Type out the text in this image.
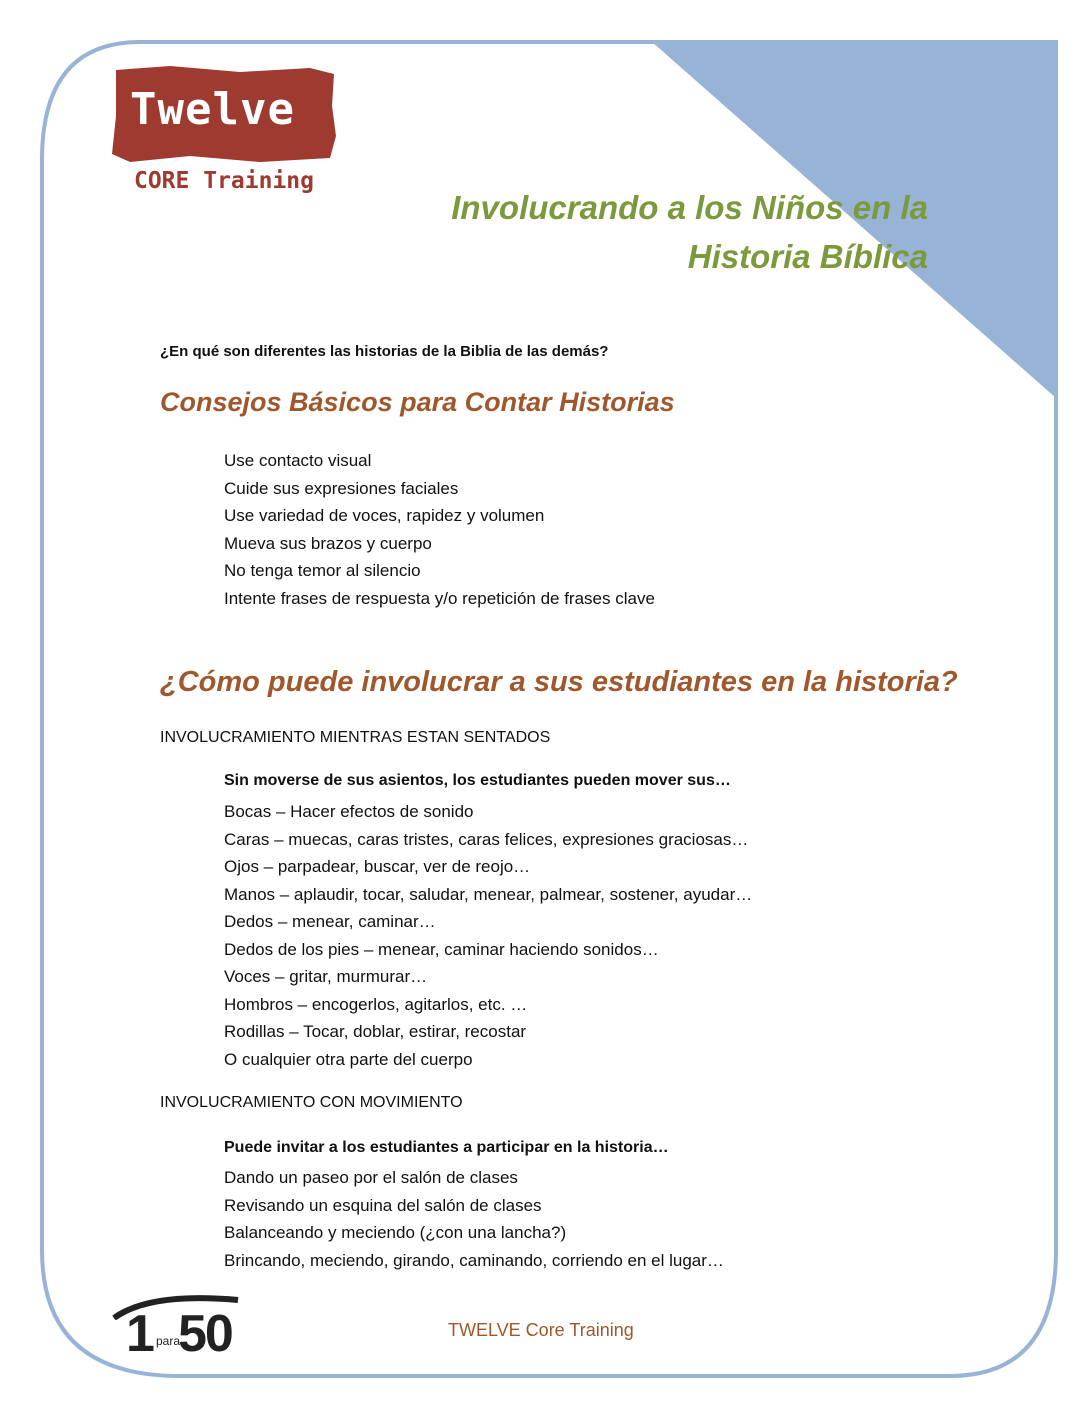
Twelve
CORE Training
Involucrando a los Niños en la
Historia Bíblica
¿En qué son diferentes las historias de la Biblia de las demás?
Consejos Básicos para Contar Historias
Use contacto visual
Cuide sus expresiones faciales
Use variedad de voces, rapidez y volumen
Mueva sus brazos y cuerpo
No tenga temor al silencio
Intente frases de respuesta y/o repetición de frases clave
¿Cómo puede involucrar a sus estudiantes en la historia?
INVOLUCRAMIENTO MIENTRAS ESTAN SENTADOS
Sin moverse de sus asientos, los estudiantes pueden mover sus…
Bocas – Hacer efectos de sonido
Caras – muecas, caras tristes, caras felices, expresiones graciosas…
Ojos – parpadear, buscar, ver de reojo…
Manos – aplaudir, tocar, saludar, menear, palmear, sostener, ayudar…
Dedos – menear, caminar…
Dedos de los pies – menear, caminar haciendo sonidos…
Voces – gritar, murmurar…
Hombros – encogerlos, agitarlos, etc. …
Rodillas – Tocar, doblar, estirar, recostar
O cualquier otra parte del cuerpo
INVOLUCRAMIENTO CON MOVIMIENTO
Puede invitar a los estudiantes a participar en la historia…
Dando un paseo por el salón de clases
Revisando un esquina del salón de clases
Balanceando y meciendo (¿con una lancha?)
Brincando, meciendo, girando, caminando, corriendo en el lugar…
1 para
50	TWELVE Core Training
